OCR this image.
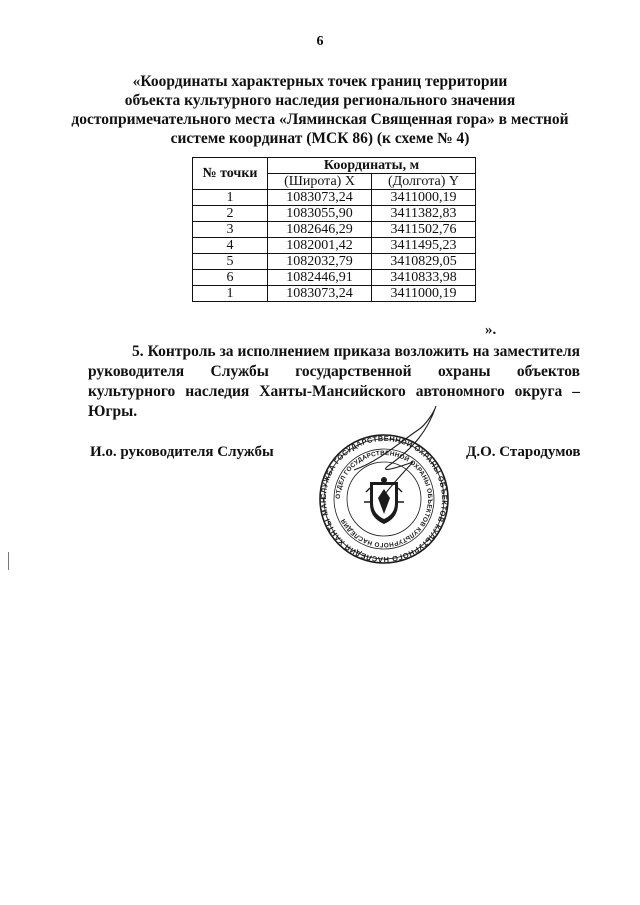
6
«Координаты характерных точек границ территории
объекта культурного наследия регионального значения
достопримечательного места «Ляминская Священная гора» в местной
системе координат (МСК 86) (к схеме № 4)
№ точки	Координаты, м	
	(Широта) X	(Долгота) Y
1	1083073,24	3411000,19
2	1083055,90	3411382,83
3	1082646,29	3411502,76
4	1082001,42	3411495,23
5	1082032,79	3410829,05
6	1082446,91	3410833,98
1	1083073,24	3411000,19
».
5. Контроль за исполнением приказа возложить на заместителя
руководителя Службы государственной охраны объектов культурного наследия Ханты-Мансийского автономного округа – Югры.
СЛУЖБА ГОСУДАРСТВЕННОЙ ОХРАНЫ ОБЪЕКТОВ КУЛЬТУРНОГО НАСЛЕДИЯ ХАНТЫ-МАН
ОТДЕЛ ГОСУДАРСТВЕННОЙ ОХРАНЫ ОБЪЕКТОВ КУЛЬТУРНОГО НАСЛЕДИЯ
И.о. руководителя Службы	Д.О. Стародумов
